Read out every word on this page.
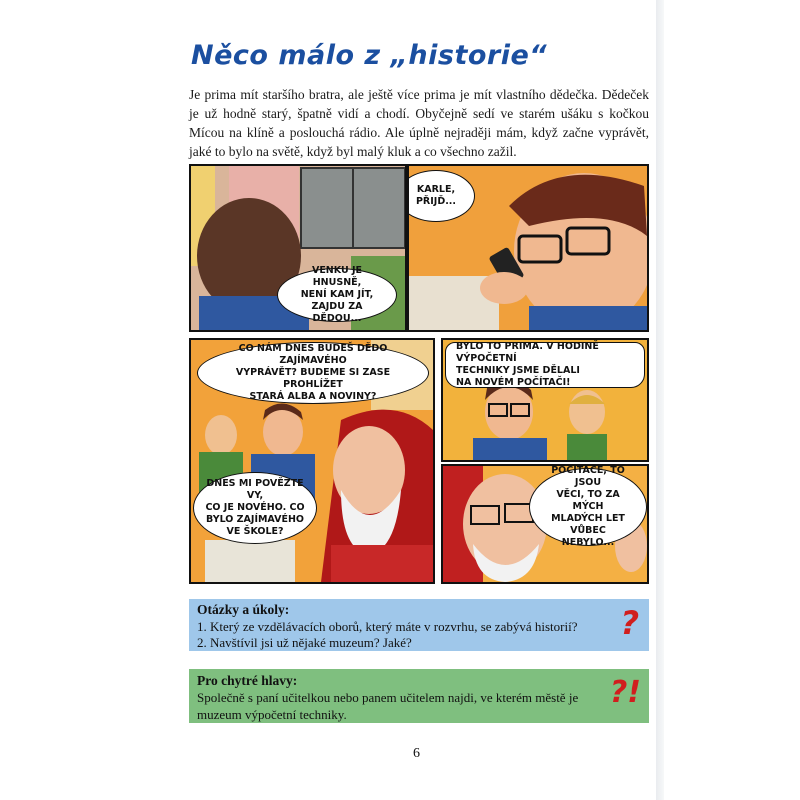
Něco málo z „historie“
Je prima mít staršího bratra, ale ještě více prima je mít vlastního dědečka. Dědeček je už hodně starý, špatně vidí a chodí. Obyčejně sedí ve starém ušáku s kočkou Mícou na klíně a poslouchá rádio. Ale úplně nejraději mám, když začne vyprávět, jaké to bylo na světě, když byl malý kluk a co všechno zažil.
VENKU JE HNUSNĚ,
NENÍ KAM JÍT,
ZAJDU ZA DĚDOU...
KARLE,
PŘIJĎ...
CO NÁM DNES BUDEŠ DĚDO ZAJÍMAVÉHO
VYPRÁVĚT? BUDEME SI ZASE PROHLÍŽET
STARÁ ALBA A NOVINY?
DNES MI POVĚZTE VY,
CO JE NOVÉHO. CO
BYLO ZAJÍMAVÉHO
VE ŠKOLE?
BYLO TO PRIMA. V HODINĚ VÝPOČETNÍ
TECHNIKY JSME DĚLALI
NA NOVÉM POČÍTAČI!
POČÍTAČE, JSOU
VĚCI, TO ZA MÝCH
MLADÝCH LET VŮBEC
NEBYLO...
Otázky a úkoly:
1. Který ze vzdělávacích oborů, který máte v rozvrhu, se zabývá historií?
2. Navštívil jsi už nějaké muzeum? Jaké?
?
Pro chytré hlavy:
Společně s paní učitelkou nebo panem učitelem najdi, ve kterém městě je muzeum výpočetní techniky.
?!
6
